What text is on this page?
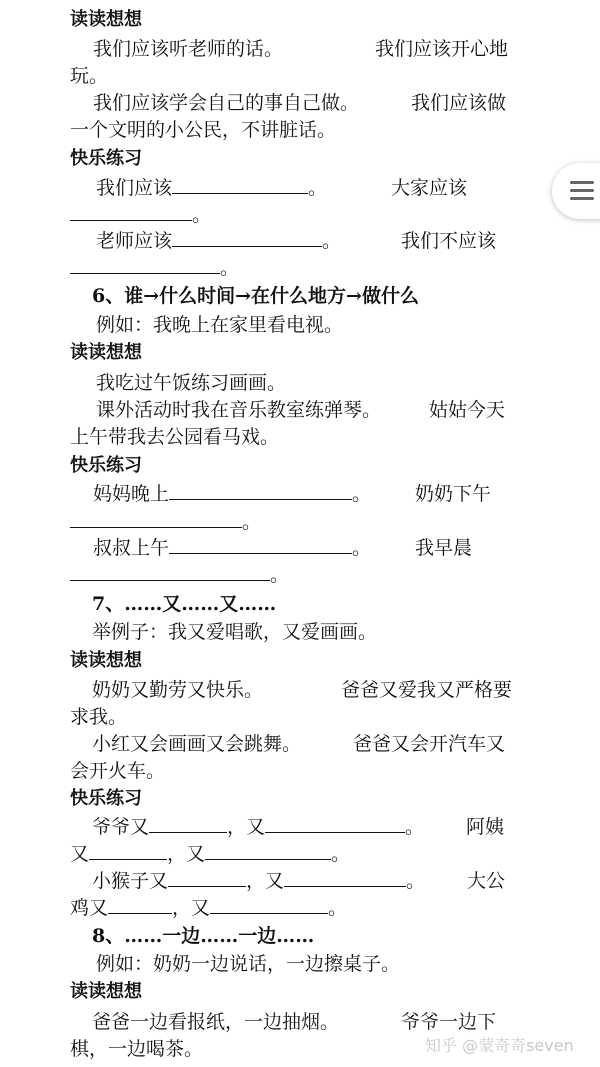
读读想想
我们应该听老师的话。	我们应该开心地
玩。
我们应该学会自己的事自己做。	我们应该做
一个文明的小公民，不讲脏话。
快乐练习
我们应该	。	大家应该
。
老师应该	。	我们不应该
。
6、谁→什么时间→在什么地方→做什么
例如：我晚上在家里看电视。
读读想想
我吃过午饭练习画画。
课外活动时我在音乐教室练弹琴。	姑姑今天
上午带我去公园看马戏。
快乐练习
妈妈晚上	。 奶奶下午
。
叔叔上午	。 我早晨
。
7、……又……又……
举例子：我又爱唱歌，又爱画画。
读读想想
奶奶又勤劳又快乐。	爸爸又爱我又严格要
求我。
小红又会画画又会跳舞。	爸爸又会开汽车又
会开火车。
快乐练习
爷爷又	，又	。 阿姨
又	，又	。
小猴子又	，又	。 大公
鸡又	，又	。
8、……一边……一边……
例如：奶奶一边说话，一边擦桌子。
读读想想
爸爸一边看报纸，一边抽烟。	爷爷一边下
棋，一边喝茶。	知乎 @蒙奇奇seven
